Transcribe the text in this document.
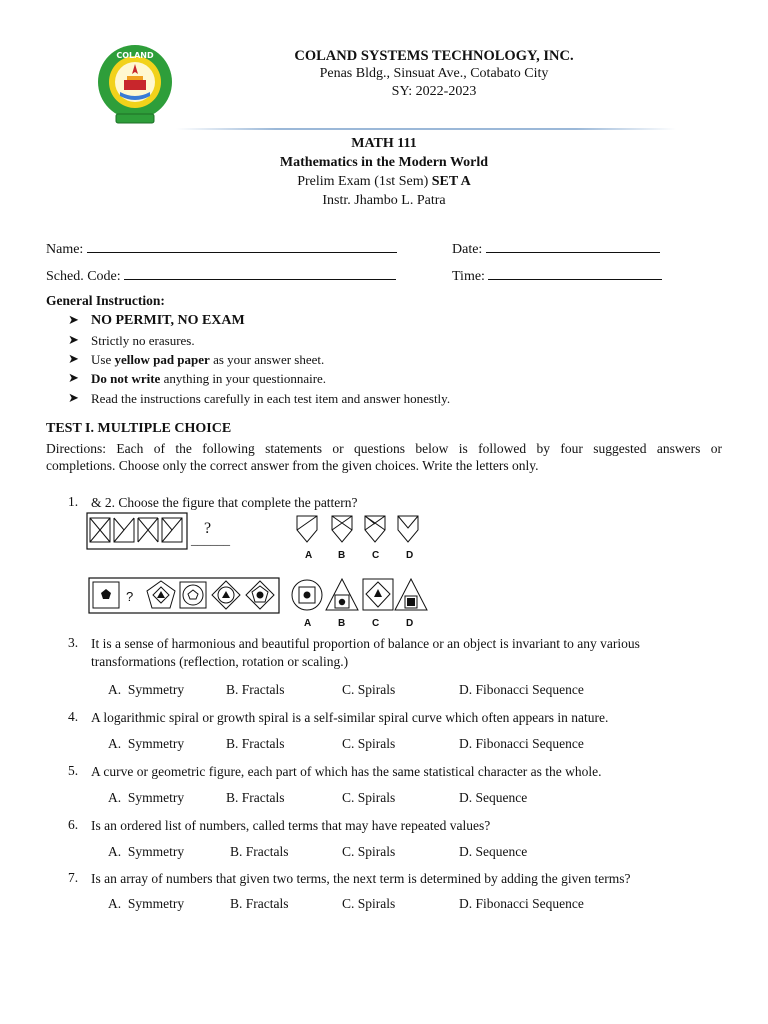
COLAND	COLAND SYSTEMS TECHNOLOGY, INC.
Penas Bldg., Sinsuat Ave., Cotabato City
SY: 2022-2023
MATH 111
Mathematics in the Modern World
Prelim Exam (1st Sem) SET A
Instr. Jhambo L. Patra
Name:	Date:
Sched. Code:	Time:
General Instruction:
➤ NO PERMIT, NO EXAM
➤ Strictly no erasures.
➤ Use yellow pad paper as your answer sheet.
➤ Do not write anything in your questionnaire.
➤ Read the instructions carefully in each test item and answer honestly.
TEST I. MULTIPLE CHOICE
Directions: Each of the following statements or questions below is followed by four suggested answers or
completions. Choose only the correct answer from the given choices. Write the letters only.
1. & 2. Choose the figure that complete the pattern?
?
______
A	B	C	D
?
A	B	C	D
3. It is a sense of harmonious and beautiful proportion of balance or an object is invariant to any various
transformations (reflection, rotation or scaling.)
A.  Symmetry	B. Fractals	C. Spirals	D. Fibonacci Sequence
4. A logarithmic spiral or growth spiral is a self-similar spiral curve which often appears in nature.
A.  Symmetry	B. Fractals	C. Spirals	D. Fibonacci Sequence
5. A curve or geometric figure, each part of which has the same statistical character as the whole.
A.  Symmetry	B. Fractals	C. Spirals	D. Sequence
6. Is an ordered list of numbers, called terms that may have repeated values?
A.  Symmetry	B. Fractals	C. Spirals	D. Sequence
7. Is an array of numbers that given two terms, the next term is determined by adding the given terms?
A.  Symmetry	B. Fractals	C. Spirals	D. Fibonacci Sequence
